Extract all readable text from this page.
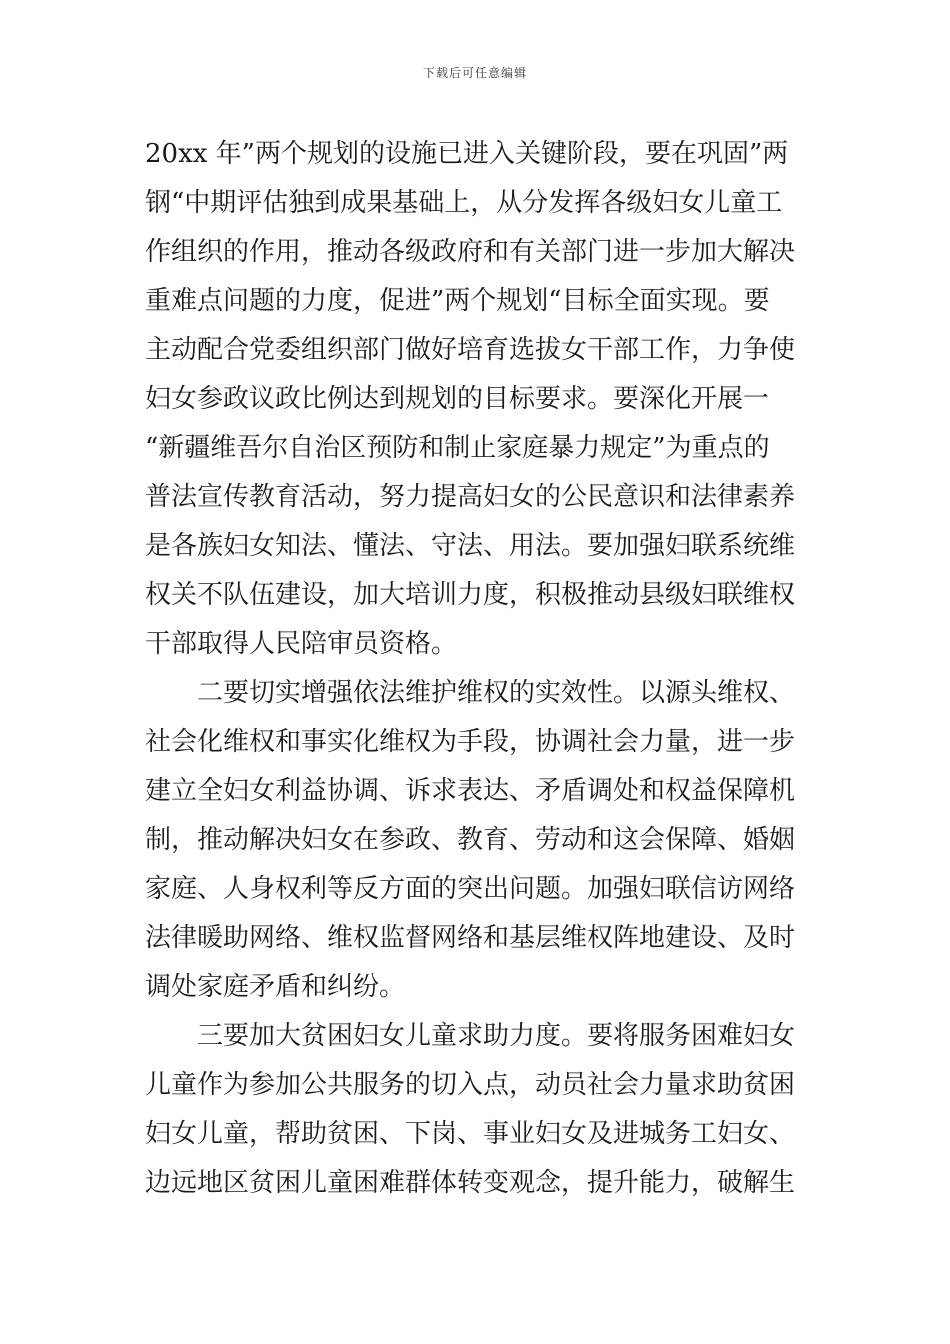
下载后可任意编辑
20xx 年”两个规划的设施已进入关键阶段，要在巩固”两
钢“中期评估独到成果基础上，从分发挥各级妇女儿童工
作组织的作用，推动各级政府和有关部门进一步加大解决
重难点问题的力度，促进”两个规划“目标全面实现。要
主动配合党委组织部门做好培育选拔女干部工作，力争使
妇女参政议政比例达到规划的目标要求。要深化开展一
“新疆维吾尔自治区预防和制止家庭暴力规定”为重点的
普法宣传教育活动，努力提高妇女的公民意识和法律素养
是各族妇女知法、懂法、守法、用法。要加强妇联系统维
权关不队伍建设，加大培训力度，积极推动县级妇联维权
干部取得人民陪审员资格。
二要切实增强依法维护维权的实效性。以源头维权、
社会化维权和事实化维权为手段，协调社会力量，进一步
建立全妇女利益协调、诉求表达、矛盾调处和权益保障机
制，推动解决妇女在参政、教育、劳动和这会保障、婚姻
家庭、人身权利等反方面的突出问题。加强妇联信访网络
法律暖助网络、维权监督网络和基层维权阵地建设、及时
调处家庭矛盾和纠纷。
三要加大贫困妇女儿童求助力度。要将服务困难妇女
儿童作为参加公共服务的切入点，动员社会力量求助贫困
妇女儿童，帮助贫困、下岗、事业妇女及进城务工妇女、
边远地区贫困儿童困难群体转变观念，提升能力，破解生
